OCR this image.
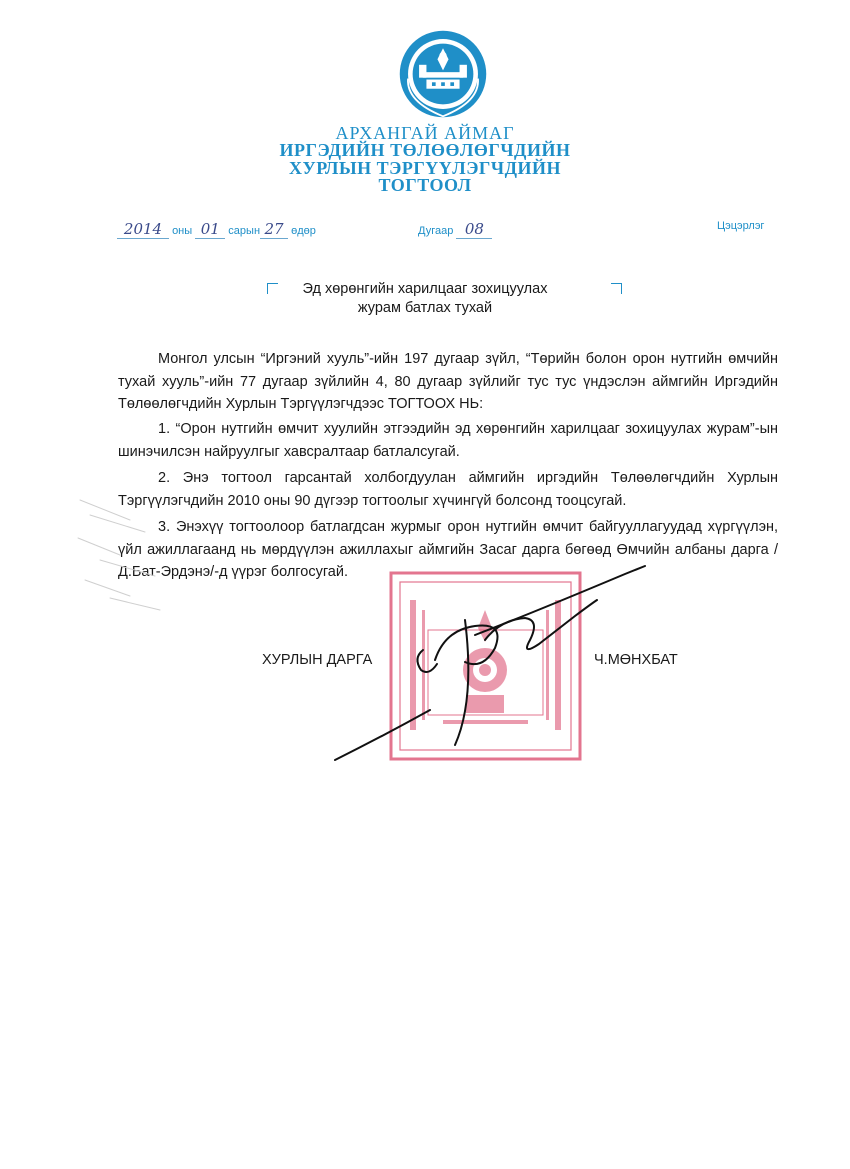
АРХАНГАЙ АЙМАГ
ИРГЭДИЙН ТӨЛӨӨЛӨГЧДИЙН
ХУРЛЫН ТЭРГҮҮЛЭГЧДИЙН
ТОГТООЛ
2014 оны 01 сарын 27 өдөр	Дугаар 08	Цэцэрлэг
Эд хөрөнгийн харилцааг зохицуулах
журам батлах тухай

Монгол улсын “Иргэний хууль”-ийн 197 дугаар зүйл, “Төрийн болон орон нутгийн өмчийн тухай хууль”-ийн 77 дугаар зүйлийн 4, 80 дугаар зүйлийг тус тус үндэслэн аймгийн Иргэдийн Төлөөлөгчдийн Хурлын Тэргүүлэгчдээс ТОГТООХ НЬ:

1. “Орон нутгийн өмчит хуулийн этгээдийн эд хөрөнгийн харилцааг зохицуулах журам”-ын шинэчилсэн найруулгыг хавсралтаар батлалсугай.

2. Энэ тогтоол гарсантай холбогдуулан аймгийн иргэдийн Төлөөлөгчдийн Хурлын Тэргүүлэгчдийн 2010 оны 90 дүгээр тогтоолыг хүчингүй болсонд тооцсугай.

3. Энэхүү тогтоолоор батлагдсан журмыг орон нутгийн өмчит байгууллагуудад хүргүүлэн, үйл ажиллагаанд нь мөрдүүлэн ажиллахыг аймгийн Засаг дарга бөгөөд Өмчийн албаны дарга /Д.Бат-Эрдэнэ/-д үүрэг болгосугай.

ХУРЛЫН ДАРГА	Ч.МӨНХБАТ
